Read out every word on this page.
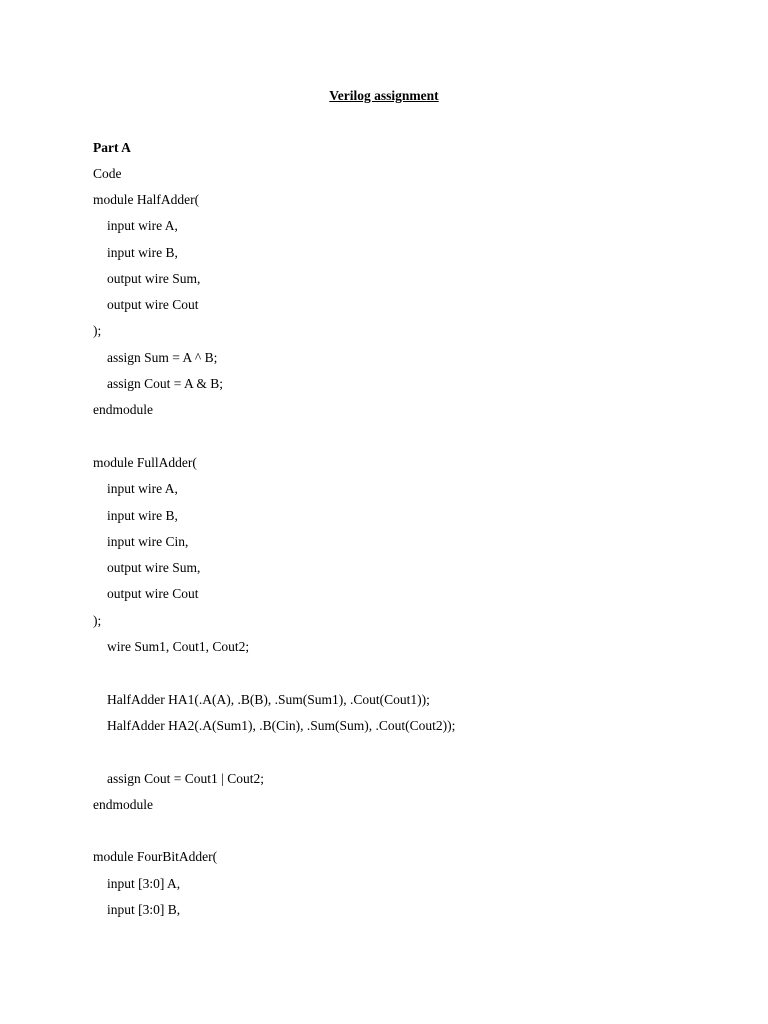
Verilog assignment
Part A
Code
module HalfAdder(
input wire A,
input wire B,
output wire Sum,
output wire Cout
);
assign Sum = A ^ B;
assign Cout = A & B;
endmodule
module FullAdder(
input wire A,
input wire B,
input wire Cin,
output wire Sum,
output wire Cout
);
wire Sum1, Cout1, Cout2;
HalfAdder HA1(.A(A), .B(B), .Sum(Sum1), .Cout(Cout1));
HalfAdder HA2(.A(Sum1), .B(Cin), .Sum(Sum), .Cout(Cout2));
assign Cout = Cout1 | Cout2;
endmodule
module FourBitAdder(
input [3:0] A,
input [3:0] B,
